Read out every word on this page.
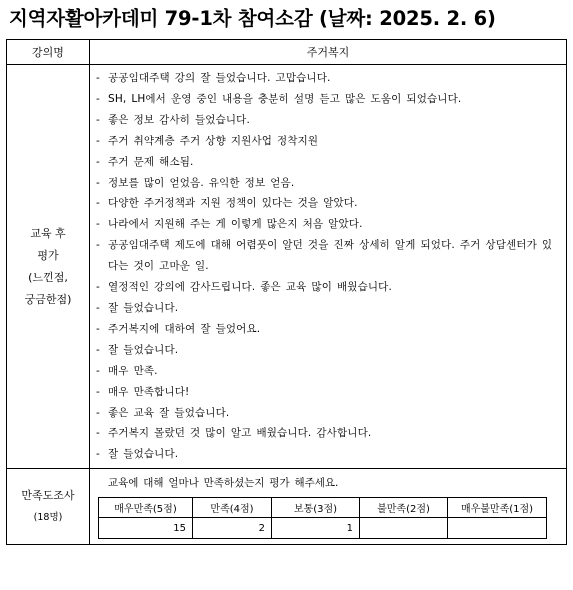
지역자활아카데미 79-1차 참여소감 (날짜: 2025. 2. 6)
강의명	주거복지

교육 후
평가
(느낀점,
궁금한점)

- 공공임대주택 강의 잘 들었습니다. 고맙습니다.
- SH, LH에서 운영 중인 내용을 충분히 설명 듣고 많은 도움이 되었습니다.
- 좋은 정보 감사히 들었습니다.
- 주거 취약계층 주거 상향 지원사업 정착지원
- 주거 문제 해소됨.
- 정보를 많이 얻었음. 유익한 정보 얻음.
- 다양한 주거정책과 지원 정책이 있다는 것을 알았다.
- 나라에서 지원해 주는 게 이렇게 많은지 처음 알았다.
- 공공임대주택 제도에 대해 어렴풋이 알던 것을 진짜 상세히 알게 되었다. 주거 상담센터가 있다는 것이 고마운 일.
- 열정적인 강의에 감사드립니다. 좋은 교육 많이 배웠습니다.
- 잘 들었습니다.
- 주거복지에 대하여 잘 들었어요.
- 잘 들었습니다.
- 매우 만족.
- 매우 만족합니다!
- 좋은 교육 잘 들었습니다.
- 주거복지 몰랐던 것 많이 알고 배웠습니다. 감사합니다.
- 잘 들었습니다.

만족도조사
(18명)

교육에 대해 얼마나 만족하셨는지 평가 해주세요.
매우만족(5점)	만족(4점)	보통(3점)	불만족(2점)	매우불만족(1점)
15	2	1		
